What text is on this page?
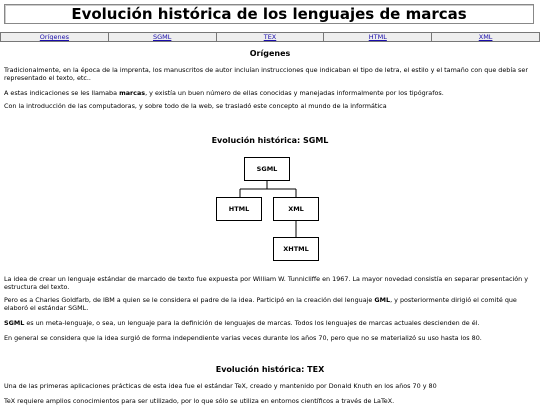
Evolución histórica de los lenguajes de marcas
Orígenes	SGML	TEX	HTML	XML
Orígenes

Tradicionalmente, en la época de la imprenta, los manuscritos de autor incluían instrucciones que indicaban el tipo de letra, el estilo y el tamaño con que debía ser representado el texto, etc..

A estas indicaciones se les llamaba marcas, y existía un buen número de ellas conocidas y manejadas informalmente por los tipógrafos.

Con la introducción de las computadoras, y sobre todo de la web, se trasladó este concepto al mundo de la informática

Evolución histórica: SGML
SGML
HTML	XML
XHTML

La idea de crear un lenguaje estándar de marcado de texto fue expuesta por William W. Tunnicliffe en 1967. La mayor novedad consistía en separar presentación y estructura del texto.

Pero es a Charles Goldfarb, de IBM a quien se le considera el padre de la idea. Participó en la creación del lenguaje GML, y posteriormente dirigió el comité que elaboró el estándar SGML.

SGML es un meta-lenguaje, o sea, un lenguaje para la definición de lenguajes de marcas. Todos los lenguajes de marcas actuales descienden de él.

En general se considera que la idea surgió de forma independiente varias veces durante los años 70, pero que no se materializó su uso hasta los 80.

Evolución histórica: TEX

Una de las primeras aplicaciones prácticas de esta idea fue el estándar TeX, creado y mantenido por Donald Knuth en los años 70 y 80

TeX requiere amplios conocimientos para ser utilizado, por lo que sólo se utiliza en entornos científicos a través de LaTeX.
